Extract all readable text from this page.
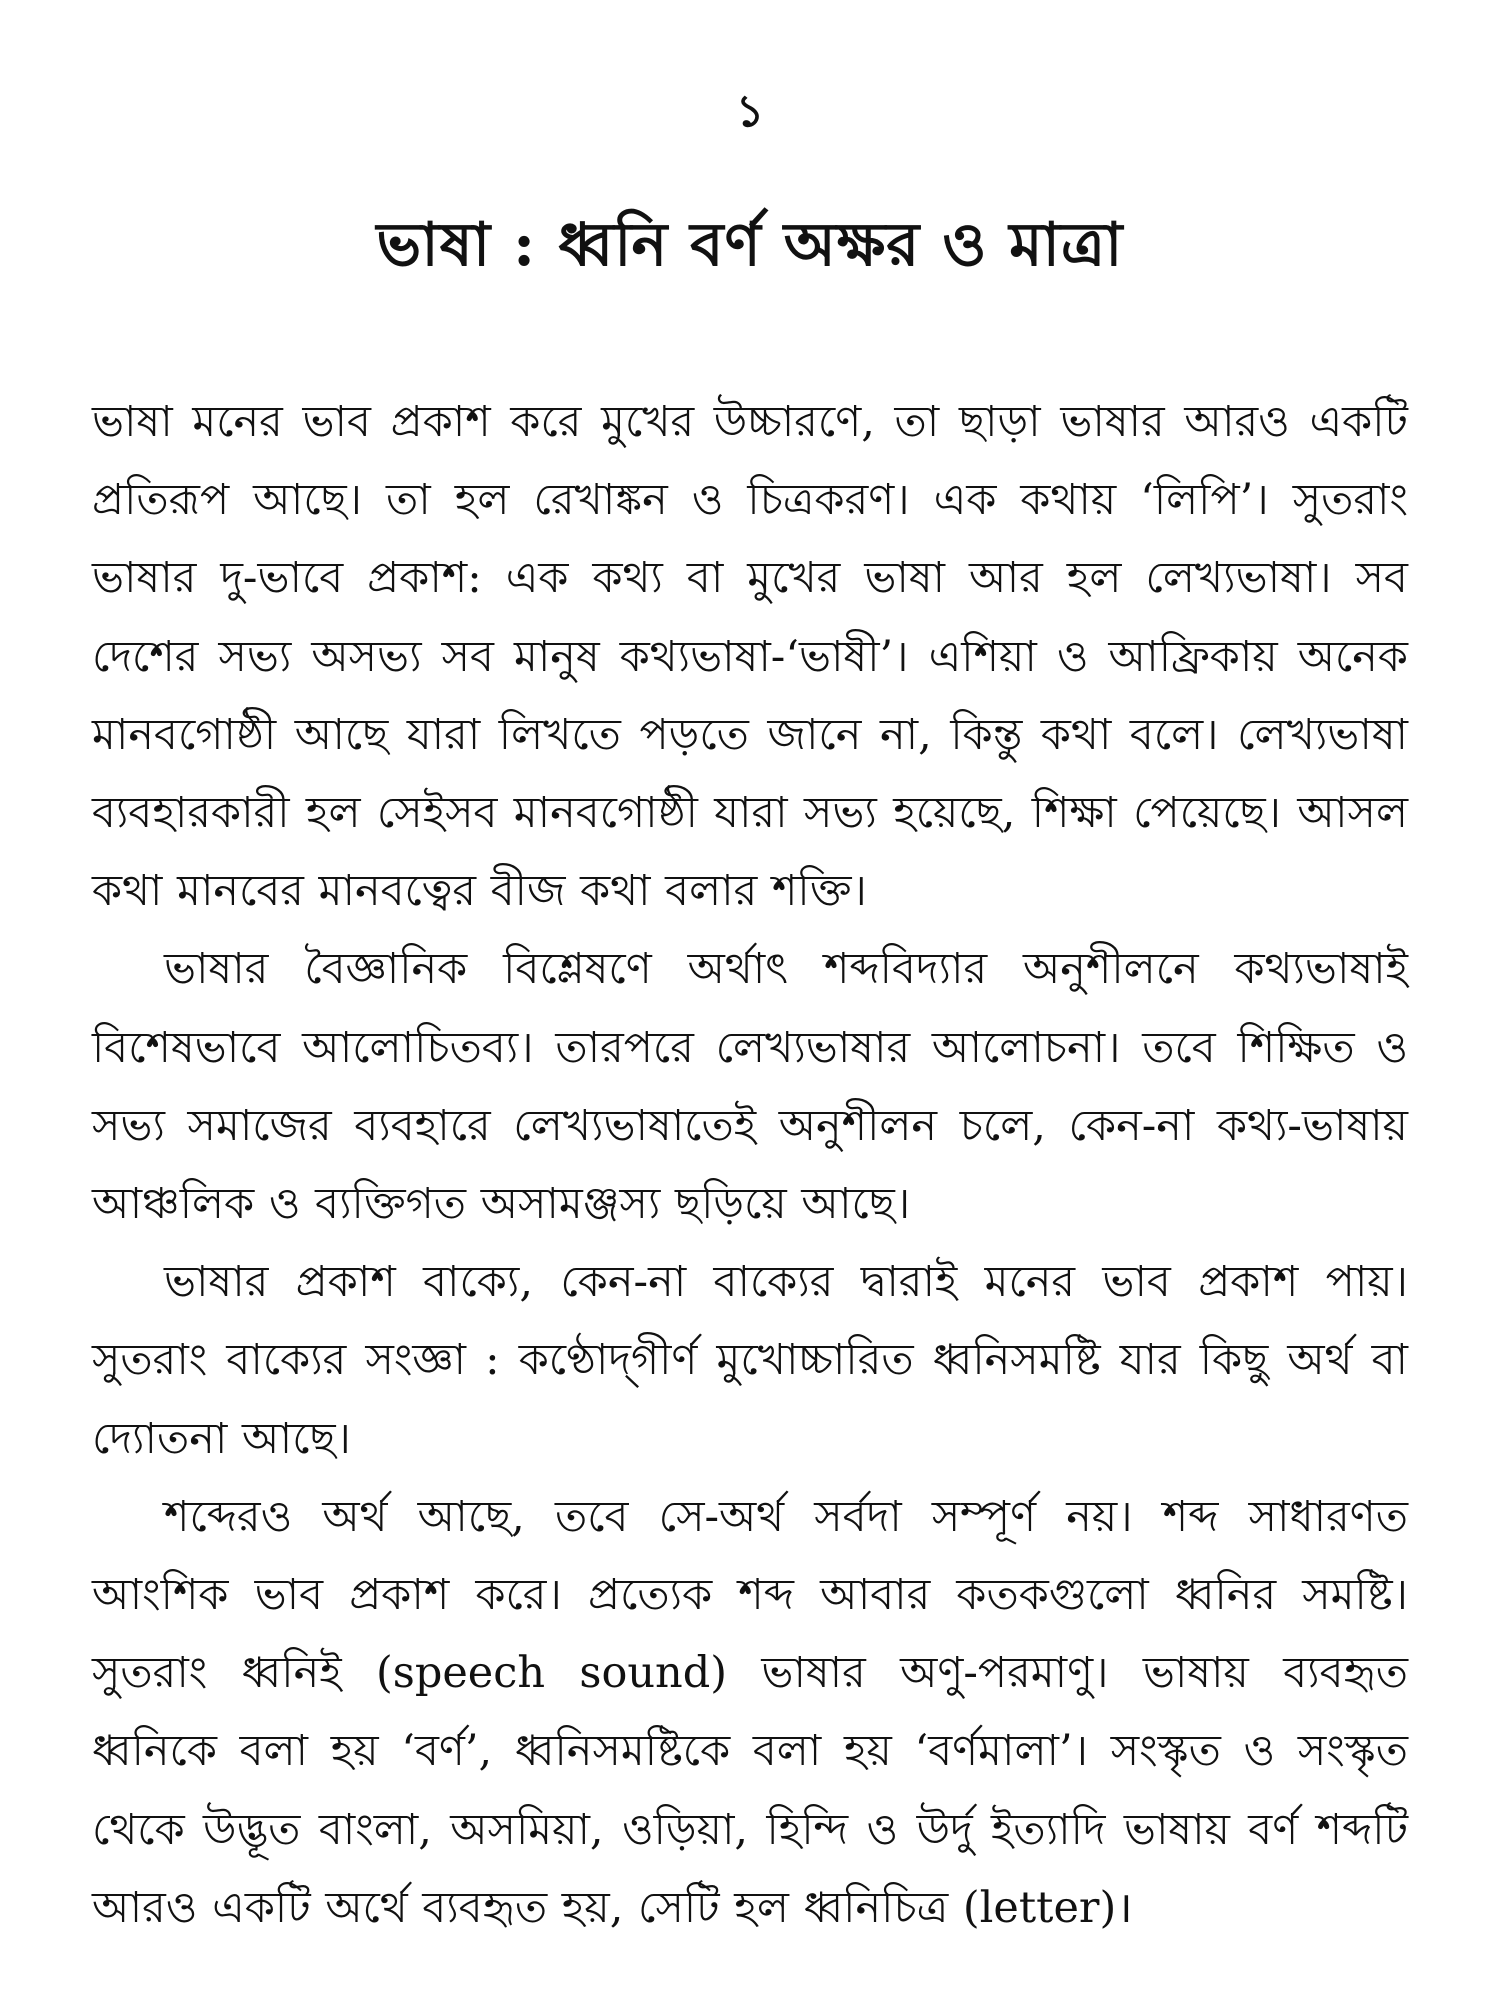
১
ভাষা : ধ্বনি বর্ণ অক্ষর ও মাত্রা

ভাষা মনের ভাব প্রকাশ করে মুখের উচ্চারণে, তা ছাড়া ভাষার আরও একটি প্রতিরূপ আছে। তা হল রেখাঙ্কন ও চিত্রকরণ। এক কথায় ‘লিপি’। সুতরাং ভাষার দু-ভাবে প্রকাশ: এক কথ্য বা মুখের ভাষা আর হল লেখ্যভাষা। সব দেশের সভ্য অসভ্য সব মানুষ কথ্যভাষা-‘ভাষী’। এশিয়া ও আফ্রিকায় অনেক মানবগোষ্ঠী আছে যারা লিখতে পড়তে জানে না, কিন্তু কথা বলে। লেখ্যভাষা ব্যবহারকারী হল সেইসব মানবগোষ্ঠী যারা সভ্য হয়েছে, শিক্ষা পেয়েছে। আসল কথা মানবের মানবত্বের বীজ কথা বলার শক্তি।

ভাষার বৈজ্ঞানিক বিশ্লেষণে অর্থাৎ শব্দবিদ্যার অনুশীলনে কথ্যভাষাই বিশেষভাবে আলোচিতব্য। তারপরে লেখ্যভাষার আলোচনা। তবে শিক্ষিত ও সভ্য সমাজের ব্যবহারে লেখ্যভাষাতেই অনুশীলন চলে, কেন-না কথ্য-ভাষায় আঞ্চলিক ও ব্যক্তিগত অসামঞ্জস্য ছড়িয়ে আছে।

ভাষার প্রকাশ বাক্যে, কেন-না বাক্যের দ্বারাই মনের ভাব প্রকাশ পায়। সুতরাং বাক্যের সংজ্ঞা : কণ্ঠোদ্‌গীর্ণ মুখোচ্চারিত ধ্বনিসমষ্টি যার কিছু অর্থ বা দ্যোতনা আছে।

শব্দেরও অর্থ আছে, তবে সে-অর্থ সর্বদা সম্পূর্ণ নয়। শব্দ সাধারণত আংশিক ভাব প্রকাশ করে। প্রত্যেক শব্দ আবার কতকগুলো ধ্বনির সমষ্টি। সুতরাং ধ্বনিই (speech sound) ভাষার অণু-পরমাণু। ভাষায় ব্যবহৃত ধ্বনিকে বলা হয় ‘বর্ণ’, ধ্বনিসমষ্টিকে বলা হয় ‘বর্ণমালা’। সংস্কৃত ও সংস্কৃত থেকে উদ্ভূত বাংলা, অসমিয়া, ওড়িয়া, হিন্দি ও উর্দু ইত্যাদি ভাষায় বর্ণ শব্দটি আরও একটি অর্থে ব্যবহৃত হয়, সেটি হল ধ্বনিচিত্র (letter)।
